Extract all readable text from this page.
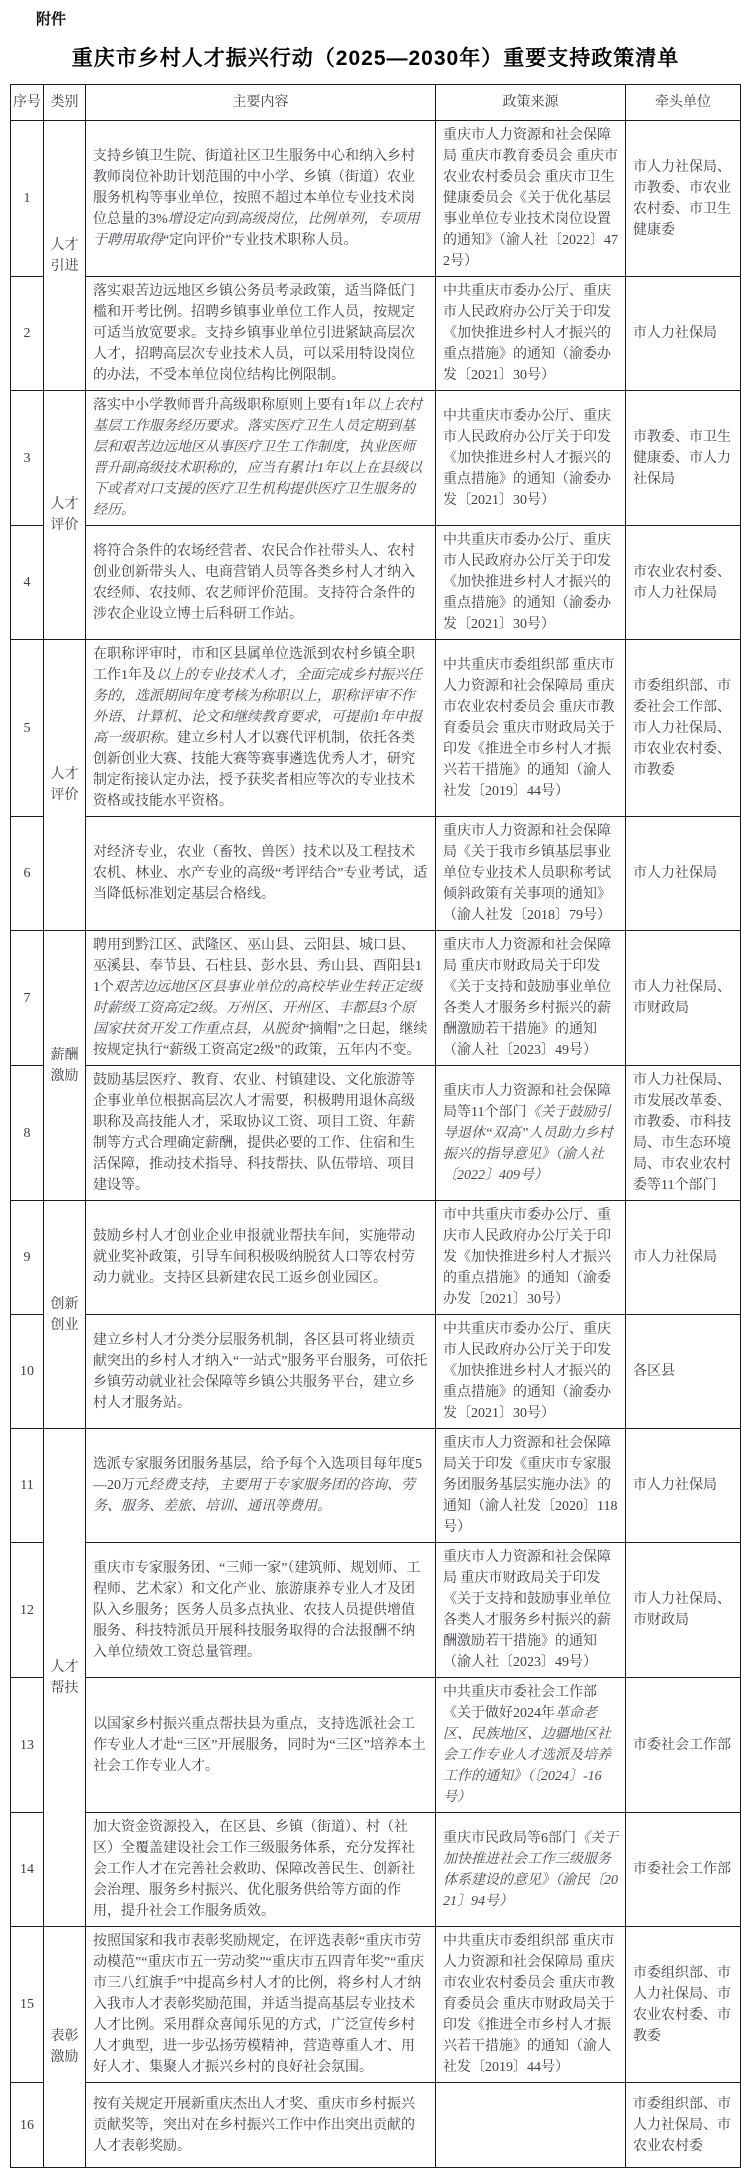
附件
重庆市乡村人才振兴行动（2025—2030年）重要支持政策清单
序号	类别	主要内容	政策来源	牵头单位
1	人才引进	支持乡镇卫生院、街道社区卫生服务中心和纳入乡村教师岗位补助计划范围的中小学、乡镇（街道）农业服务机构等事业单位，按照不超过本单位专业技术岗位总量的3%增设定向到高级岗位，比例单列，专项用于聘用取得“定向评价”专业技术职称人员。	重庆市人力资源和社会保障局 重庆市教育委员会 重庆市农业农村委员会 重庆市卫生健康委员会《关于优化基层事业单位专业技术岗位设置的通知》（渝人社〔2022〕472号）	市人力社保局、市教委、市农业农村委、市卫生健康委
2		落实艰苦边远地区乡镇公务员考录政策，适当降低门槛和开考比例。招聘乡镇事业单位工作人员，按规定可适当放宽要求。支持乡镇事业单位引进紧缺高层次人才，招聘高层次专业技术人员，可以采用特设岗位的办法，不受本单位岗位结构比例限制。	中共重庆市委办公厅、重庆市人民政府办公厅关于印发《加快推进乡村人才振兴的重点措施》的通知（渝委办发〔2021〕30号）	市人力社保局
3	人才评价	落实中小学教师晋升高级职称原则上要有1年以上农村基层工作服务经历要求。落实医疗卫生人员定期到基层和艰苦边远地区从事医疗卫生工作制度，执业医师晋升副高级技术职称的，应当有累计1年以上在县级以下或者对口支援的医疗卫生机构提供医疗卫生服务的经历。	中共重庆市委办公厅、重庆市人民政府办公厅关于印发《加快推进乡村人才振兴的重点措施》的通知（渝委办发〔2021〕30号）	市教委、市卫生健康委、市人力社保局
4		将符合条件的农场经营者、农民合作社带头人、农村创业创新带头人、电商营销人员等各类乡村人才纳入农经师、农技师、农艺师评价范围。支持符合条件的涉农企业设立博士后科研工作站。	中共重庆市委办公厅、重庆市人民政府办公厅关于印发《加快推进乡村人才振兴的重点措施》的通知（渝委办发〔2021〕30号）	市农业农村委、市人力社保局
5	人才评价	在职称评审时，市和区县属单位选派到农村乡镇全职工作1年及以上的专业技术人才，全面完成乡村振兴任务的，选派期间年度考核为称职以上，职称评审不作外语、计算机、论文和继续教育要求，可提前1年申报高一级职称。建立乡村人才以赛代评机制，依托各类创新创业大赛、技能大赛等赛事遴选优秀人才，研究制定衔接认定办法，授予获奖者相应等次的专业技术资格或技能水平资格。	中共重庆市委组织部 重庆市人力资源和社会保障局 重庆市农业农村委员会 重庆市教育委员会 重庆市财政局关于印发《推进全市乡村人才振兴若干措施》的通知（渝人社发〔2019〕44号）	市委组织部、市委社会工作部、市人力社保局、市农业农村委、市教委
6		对经济专业，农业（畜牧、兽医）技术以及工程技术农机、林业、水产专业的高级“考评结合”专业考试，适当降低标准划定基层合格线。	重庆市人力资源和社会保障局《关于我市乡镇基层事业单位专业技术人员职称考试倾斜政策有关事项的通知》（渝人社发〔2018〕79号）	市人力社保局
7	薪酬激励	聘用到黔江区、武隆区、巫山县、云阳县、城口县、巫溪县、奉节县、石柱县、彭水县、秀山县、酉阳县11个艰苦边远地区区县事业单位的高校毕业生转正定级时薪级工资高定2级。万州区、开州区、丰都县3个原国家扶贫开发工作重点县，从脱贫“摘帽”之日起，继续按规定执行“薪级工资高定2级”的政策，五年内不变。	重庆市人力资源和社会保障局 重庆市财政局关于印发《关于支持和鼓励事业单位各类人才服务乡村振兴的薪酬激励若干措施》的通知（渝人社〔2023〕49号）	市人力社保局、市财政局
8		鼓励基层医疗、教育、农业、村镇建设、文化旅游等企事业单位根据高层次人才需要，积极聘用退休高级职称及高技能人才，采取协议工资、项目工资、年薪制等方式合理确定薪酬，提供必要的工作、住宿和生活保障，推动技术指导、科技帮扶、队伍带培、项目建设等。	重庆市人力资源和社会保障局等11个部门《关于鼓励引导退休“双高”人员助力乡村振兴的指导意见》（渝人社〔2022〕409号）	市人力社保局、市发展改革委、市教委、市科技局、市生态环境局、市农业农村委等11个部门
9	创新创业	鼓励乡村人才创业企业申报就业帮扶车间，实施带动就业奖补政策，引导车间积极吸纳脱贫人口等农村劳动力就业。支持区县新建农民工返乡创业园区。	市中共重庆市委办公厅、重庆市人民政府办公厅关于印发《加快推进乡村人才振兴的重点措施》的通知（渝委办发〔2021〕30号）	市人力社保局
10		建立乡村人才分类分层服务机制，各区县可将业绩贡献突出的乡村人才纳入“一站式”服务平台服务，可依托乡镇劳动就业社会保障等乡镇公共服务平台，建立乡村人才服务站。	中共重庆市委办公厅、重庆市人民政府办公厅关于印发《加快推进乡村人才振兴的重点措施》的通知（渝委办发〔2021〕30号）	各区县
11	人才帮扶	选派专家服务团服务基层，给予每个入选项目每年度5—20万元经费支持，主要用于专家服务团的咨询、劳务、服务、差旅、培训、通讯等费用。	重庆市人力资源和社会保障局关于印发《重庆市专家服务团服务基层实施办法》的通知（渝人社发〔2020〕118号）	市人力社保局
12		重庆市专家服务团、“三师一家”（建筑师、规划师、工程师、艺术家）和文化产业、旅游康养专业人才及团队入乡服务；医务人员多点执业、农技人员提供增值服务、科技特派员开展科技服务取得的合法报酬不纳入单位绩效工资总量管理。	重庆市人力资源和社会保障局 重庆市财政局关于印发《关于支持和鼓励事业单位各类人才服务乡村振兴的薪酬激励若干措施》的通知（渝人社〔2023〕49号）	市人力社保局、市财政局
13		以国家乡村振兴重点帮扶县为重点，支持选派社会工作专业人才赴“三区”开展服务，同时为“三区”培养本土社会工作专业人才。	中共重庆市委社会工作部《关于做好2024年革命老区、民族地区、边疆地区社会工作专业人才选派及培养工作的通知》（〔2024〕-16号）	市委社会工作部
14		加大资金资源投入，在区县、乡镇（街道）、村（社区）全覆盖建设社会工作三级服务体系，充分发挥社会工作人才在完善社会救助、保障改善民生、创新社会治理、服务乡村振兴、优化服务供给等方面的作用，提升社会工作服务质效。	重庆市民政局等6部门《关于加快推进社会工作三级服务体系建设的意见》（渝民〔2021〕94号）	市委社会工作部
15	表彰激励	按照国家和我市表彰奖励规定，在评选表彰“重庆市劳动模范”“重庆市五一劳动奖”“重庆市五四青年奖”“重庆市三八红旗手”中提高乡村人才的比例，将乡村人才纳入我市人才表彰奖励范围，并适当提高基层专业技术人才比例。采用群众喜闻乐见的方式，广泛宣传乡村人才典型，进一步弘扬劳模精神，营造尊重人才、用好人才、集聚人才振兴乡村的良好社会氛围。	中共重庆市委组织部 重庆市人力资源和社会保障局 重庆市农业农村委员会 重庆市教育委员会 重庆市财政局关于印发《推进全市乡村人才振兴若干措施》的通知（渝人社发〔2019〕44号）	市委组织部、市人力社保局、市农业农村委、市教委
16		按有关规定开展新重庆杰出人才奖、重庆市乡村振兴贡献奖等，突出对在乡村振兴工作中作出突出贡献的人才表彰奖励。		市委组织部、市人力社保局、市农业农村委
